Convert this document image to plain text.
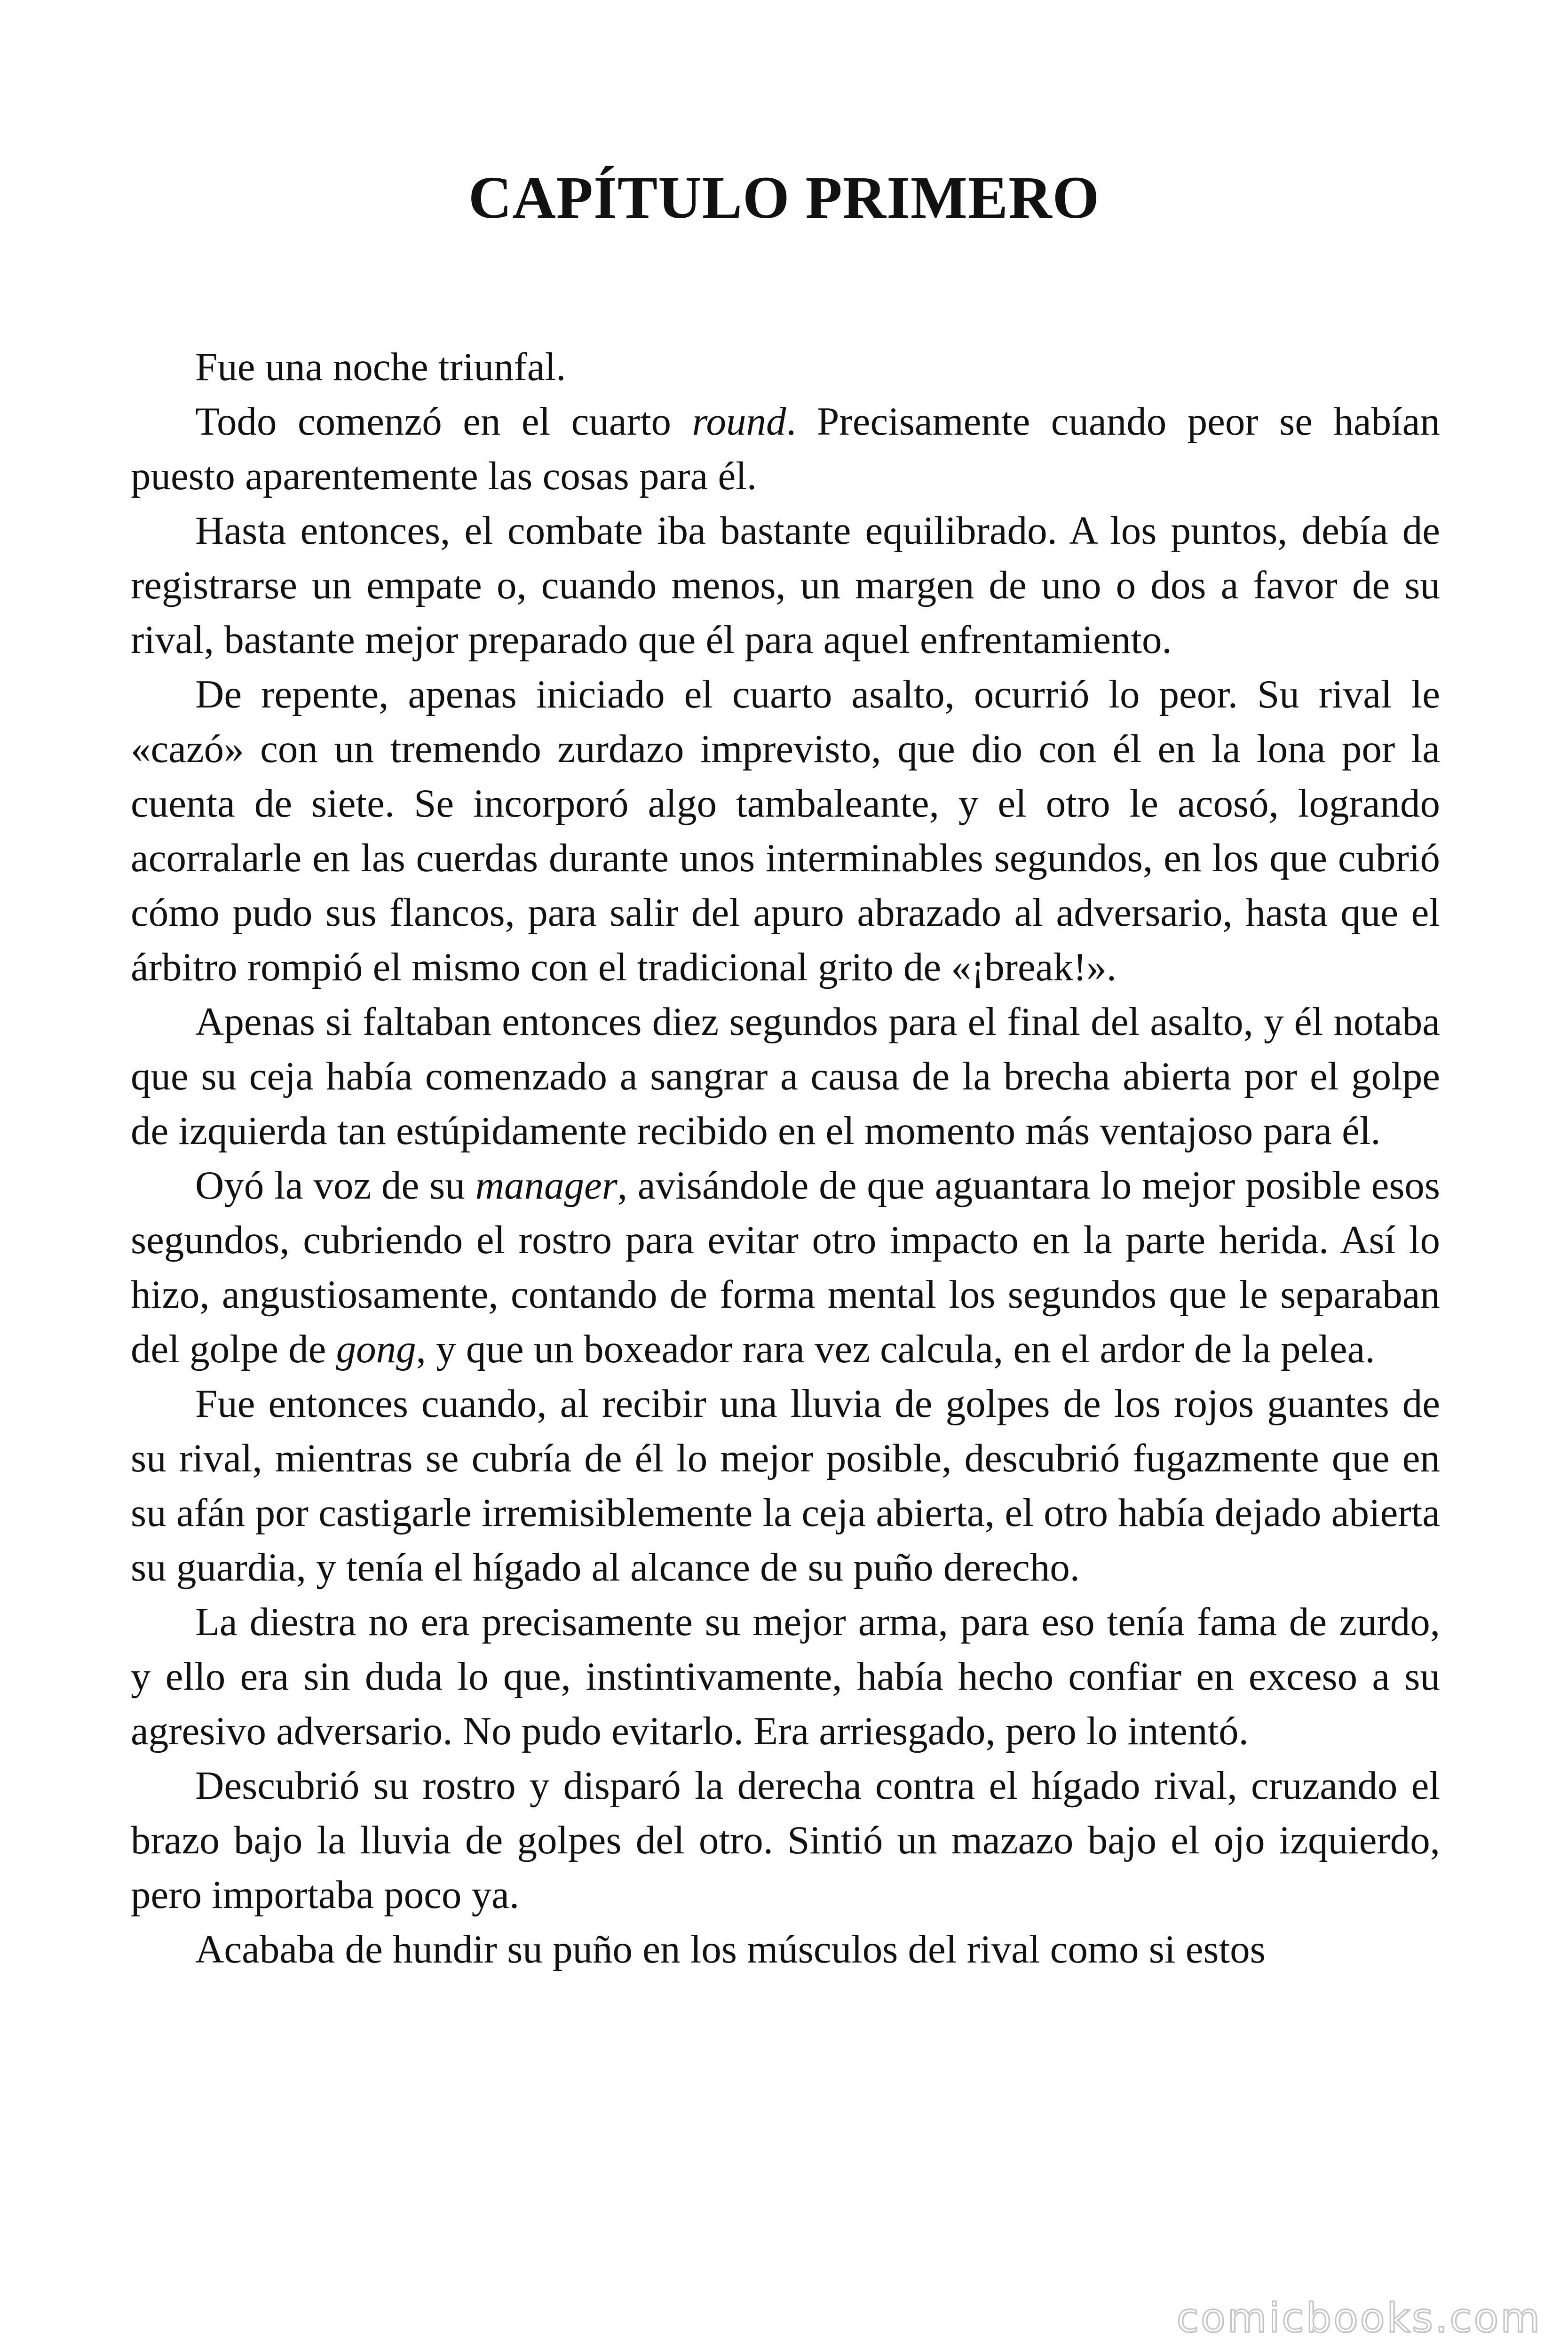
CAPÍTULO PRIMERO

Fue una noche triunfal.

Todo comenzó en el cuarto round. Precisamente cuando peor se habían puesto aparentemente las cosas para él.

Hasta entonces, el combate iba bastante equilibrado. A los puntos, debía de registrarse un empate o, cuando menos, un margen de uno o dos a favor de su rival, bastante mejor preparado que él para aquel enfrentamiento.

De repente, apenas iniciado el cuarto asalto, ocurrió lo peor. Su rival le «cazó» con un tremendo zurdazo imprevisto, que dio con él en la lona por la cuenta de siete. Se incorporó algo tambaleante, y el otro le acosó, logrando acorralarle en las cuerdas durante unos interminables segundos, en los que cubrió cómo pudo sus flancos, para salir del apuro abrazado al adversario, hasta que el árbitro rompió el mismo con el tradicional grito de «¡break!».

Apenas si faltaban entonces diez segundos para el final del asalto, y él notaba que su ceja había comenzado a sangrar a causa de la brecha abierta por el golpe de izquierda tan estúpidamente recibido en el momento más ventajoso para él.

Oyó la voz de su manager, avisándole de que aguantara lo mejor posible esos segundos, cubriendo el rostro para evitar otro impacto en la parte herida. Así lo hizo, angustiosamente, contando de forma mental los segundos que le separaban del golpe de gong, y que un boxeador rara vez calcula, en el ardor de la pelea.

Fue entonces cuando, al recibir una lluvia de golpes de los rojos guantes de su rival, mientras se cubría de él lo mejor posible, descubrió fugazmente que en su afán por castigarle irremisiblemente la ceja abierta, el otro había dejado abierta su guardia, y tenía el hígado al alcance de su puño derecho.

La diestra no era precisamente su mejor arma, para eso tenía fama de zurdo, y ello era sin duda lo que, instintivamente, había hecho confiar en exceso a su agresivo adversario. No pudo evitarlo. Era arriesgado, pero lo intentó.

Descubrió su rostro y disparó la derecha contra el hígado rival, cruzando el brazo bajo la lluvia de golpes del otro. Sintió un mazazo bajo el ojo izquierdo, pero importaba poco ya.

Acababa de hundir su puño en los músculos del rival como si estos

comicbooks.com
